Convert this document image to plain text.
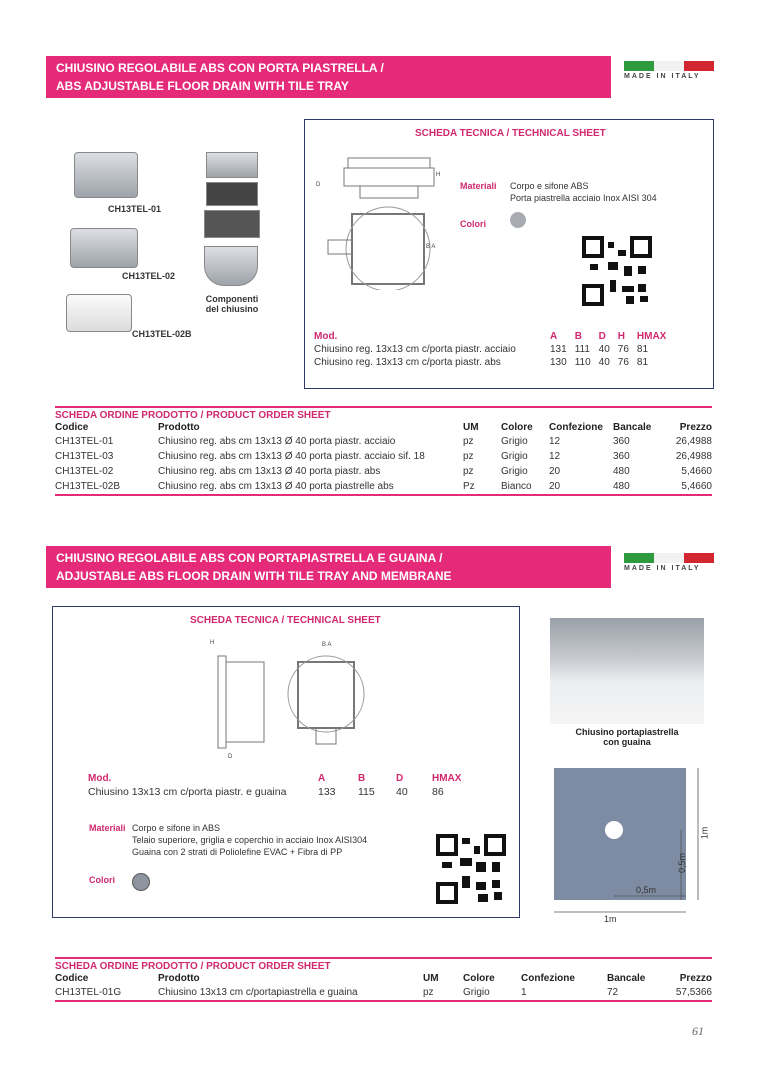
CHIUSINO REGOLABILE ABS CON PORTA PIASTRELLA /
ABS ADJUSTABLE FLOOR DRAIN WITH TILE TRAY
MADE IN ITALY
CH13TEL-01
CH13TEL-02
CH13TEL-02B
Componenti
del chiusino
SCHEDA TECNICA / TECHNICAL SHEET
D
H
B A
Materiali Corpo e sifone ABS
Porta piastrella acciaio Inox AISI 304
Colori
Mod.	A	B	D	H	HMAX
Chiusino reg. 13x13 cm c/porta piastr. acciaio	131	111	40	76	81
Chiusino reg. 13x13 cm c/porta piastr. abs	130	110	40	76	81
SCHEDA ORDINE PRODOTTO / PRODUCT ORDER SHEET
Codice	Prodotto	UM	Colore	Confezione	Bancale	Prezzo
CH13TEL-01	Chiusino reg. abs cm 13x13 Ø 40 porta piastr. acciaio	pz	Grigio	12	360	26,4988
CH13TEL-03	Chiusino reg. abs cm 13x13 Ø 40 porta piastr. acciaio sif. 18	pz	Grigio	12	360	26,4988
CH13TEL-02	Chiusino reg. abs cm 13x13 Ø 40 porta piastr. abs	pz	Grigio	20	480	5,4660
CH13TEL-02B	Chiusino reg. abs cm 13x13 Ø 40 porta piastrelle abs	Pz	Bianco	20	480	5,4660
CHIUSINO REGOLABILE ABS CON PORTAPIASTRELLA E GUAINA /
ADJUSTABLE ABS FLOOR DRAIN WITH TILE TRAY AND MEMBRANE
MADE IN ITALY
SCHEDA TECNICA / TECHNICAL SHEET
H
D
B A
Mod.	A	B	D	HMAX
Chiusino 13x13 cm c/porta piastr. e guaina	133	115	40	86
Materiali Corpo e sifone in ABS
Telaio superiore, griglia e coperchio in acciaio Inox AISI304
Guaina con 2 strati di Poliolefine EVAC + Fibra di PP
Colori
Chiusino portapiastrella
con guaina
1m
0,5m
0,5m
1m
SCHEDA ORDINE PRODOTTO / PRODUCT ORDER SHEET
Codice	Prodotto	UM	Colore	Confezione	Bancale	Prezzo
CH13TEL-01G	Chiusino 13x13 cm c/portapiastrella e guaina	pz	Grigio	1	72	57,5366
61
